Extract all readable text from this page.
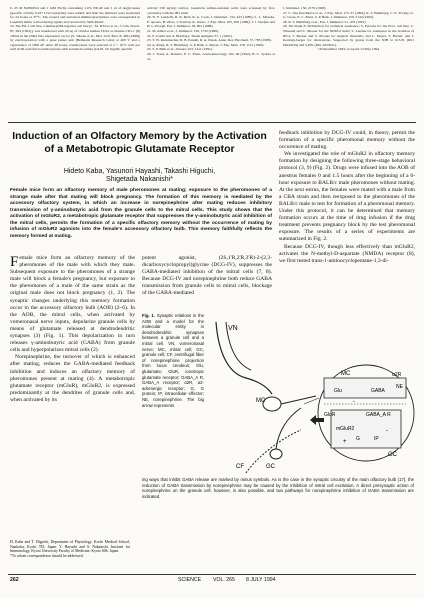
9. 25 M NaH2PO4 and 1 mM EGTA containing 1.0% NP-40 and 1 ul of deglycanase (specific activity 0.227 U/ul Genzyme) were added, and then the mixtures were incubated for 24 hours at 37°C. The treated and untreated immunoprecipitates were resuspended in Laemmli buffer with reducing agents and resolved by SDS-PAGE.

19. The FO-1 cell line, a human β2M-negative cell line [C. M. D'Urso et al., J. Clin. Invest. 87, 284 (1991)], was transfected with 20 ug of circular human CD1d or murine CD1.1 (8) cDNA in the pSRα Neo expression vector [Y. Takebe et al., Mol. Cell. Biol. 8, 466 (1988)] by electroporation with a gene pulser unit (Bethesda Research Labs) at 400 V and a capacitance of 1600 uF. After 48 hours, transfectants were selected at 2 × 10^5 cells per well in 96-well flat-bottomed plates with Geneticin sulfate (G418, 3.0 mg/ml; specific

activity 530 ug/mg; Gibco). Geneticin sulfate-resistant wells were screened by flow cytometry with the IH1 mAb.

20. N. F. Landolfi, R. R. Rich, R. G. Cook, J. Immunol. 134, 423 (1985); L. L. Myszka, E. Apasia, H. Zhao, J. Forman, K. Ozato, J. Exp. Med. 163, 656 (1986); J. J. Neefjes and H. L. Ploegh, Eur. J. Immunol. 18, 801 (1988).

21. M. Amiot et al., J. Immunol. 136, 1752 (1986).

22. F. Calabi and A. Bradbury, Tissue Antigens 37, 1 (1991).

23. T. W. Redemacher, R. B. Parekh, R. A. Dwek, Annu. Rev. Biochem. 57, 785 (1988).

24. A. Panja, R. S. Blumberg, S. P. Balk, L. Mayer, J. Exp. Med. 178, 1115 (1993).

25. S. P. Balk et al., Science 253, 1411 (1991).

26. J. Tours, A. Roberts, E. C. Ebert, Gastroenterology 162, 69 (1992); B. C. Sydora et al.,

J. Immunol. 150, 2179 (1993).

27. C. Van Kerckhove et al., J. Exp. Med. 175, 57 (1992); R. S. Blumberg, C. E. Yockey, G. G. Gross, E. C. Ebert, S. P. Balk, J. Immunol. 150, 5144 (1993).

28. R. S. Blumberg et al., Eur. J. Immunol. 21, 479 (1991).

29. We thank F. McDermott for technical assistance; S. Ferrone for the FO-1 cell line; C. Wiseand and C. Mosser for the ND65.2 mAb; S. Landau for assistance in the isolation of IECs; J. Becker and S. Brooks for surgical materials; and L. Mayer, T. Barrett, and J. Konings-berger for discussions. Supported by grants from the NIH to R.S.B. (R01 DK44319) and S.P.B. (R01 AI33911).

16 December 1993; accepted 13 May 1994

Induction of an Olfactory Memory by the Activation of a Metabotropic Glutamate Receptor
Hideto Kaba, Yasunori Hayashi, Takashi Higuchi,
Shigetada Nakanishi*
Female mice form an olfactory memory of male pheromones at mating; exposure to the pheromones of a strange male after that mating will block pregnancy. The formation of this memory is mediated by the accessory olfactory system, in which an increase in norepinephrine after mating reduces inhibitory transmission of γ-aminobutyric acid from the granule cells to the mitral cells. This study shows that the activation of mGluR2, a metabotropic glutamate receptor that suppresses the γ-aminobutyric acid inhibition of the mitral cells, permits the formation of a specific olfactory memory without the occurrence of mating by infusion of mGluR2 agonists into the female's accessory olfactory bulb. This memory faithfully reflects the memory formed at mating.

Female mice form an olfactory memory of the pheromones of the male with which they mate. Subsequent exposure to the pheromones of a strange male will block a female's pregnancy, but exposure to the pheromones of a male of the same strain as the original male does not block pregnancy (1, 2). The synaptic changes underlying this memory formation occur in the accessory olfactory bulb (AOB) (2–6). In the AOB, the mitral cells, when activated by vomeronasal nerve inputs, depolarize granule cells by means of glutamate released at dendrodendritic synapses (3) (Fig. 1). This depolarization in turn releases γ-aminobutyric acid (GABA) from granule cells and hyperpolarizes mitral cells (2).

Norepinephrine, the turnover of which is enhanced after mating, reduces the GABA-mediated feedback inhibition and induces an olfactory memory of pheromones present at mating (4). A metabotropic glutamate receptor (mGluR), mGluR2, is expressed predominantly at the dendrites of granule cells and, when activated by its

potent agonist, (2S,1'R,2'R,3'R)-2-(2,3-dicarboxycyclopropyl)glycine (DCG-IV), suppresses the GABA-mediated inhibition of the mitral cells (7, 8). Because DCG-IV and norepinephrine both reduce GABA transmission from granule cells to mitral cells, blockage of the GABA-mediated

feedback inhibition by DCG-IV could, in theory, permit the formation of a specific pheromonal memory without the occurrence of mating.

We investigated the role of mGluR2 in olfactory memory formation by designing the following three-stage behavioral protocol (3, 9) (Fig. 2). Drugs were infused into the AOB of anestrus females 0 and 1.5 hours after the beginning of a 6-hour exposure to BALB/c male pheromones without mating. At the next estrus, the females were mated with a male from a CBA strain and then reexposed to the pheromones of the BALB/c male to test for formation of a pheromonal memory. Under this protocol, it can be determined that memory formation occurs at the time of drug infusion if the drug treatment prevents pregnancy block by the test pheromonal exposure. The results of a series of experiments are summarized in Fig. 2.

Because DCG-IV, though less effectively than mGluR2, activates the N-methyl-D-aspartate (NMDA) receptor (8), we first tested trans-1-aminocyclopentane-1,3-di-

Fig. 1. Synaptic relations in the AOB and a model for the molecular entity in dendrodendritic synapses between a granule cell and a mitral cell. VN, vomeronasal nerve; MC, mitral cell; GC, granule cell; CF, centrifugal fiber of norepinephrine projection from locus ceruleus; Glu, glutamate; GluR, ionotropic glutamate receptor; GABA_A R, GABA_A receptor; α2R, α2-adrenergic receptor; G, G protein; IP, intracellular effector; NE, norepinephrine. The big arrow represents
ing ways that inhibit GABA release are marked by minus symbols. As is the case in the synaptic circuitry of the main olfactory bulb (17), the reduction of GABA transmission by norepinephrine may be caused by the inhibition of mitral cell excitation. A direct presynaptic action of norepinephrine on the granule cell, however, is also possible, and two pathways for norepinephrine inhibition of GABA transmission are indicated.
VN
MC
GC
CF
MC
Glu	GABA
α2R
NE
GluR
mGluR2
GABA_A R
G	IP
GC
-
-
+
H. Kaba and T. Higuchi, Department of Physiology, Kochi Medical School, Nankoku, Kochi 783, Japan. Y. Hayashi and S. Nakanishi, Institute for Immunology, Kyoto University Faculty of Medicine, Kyoto 606, Japan.
*To whom correspondence should be addressed.
262	SCIENCE VOL. 265 8 JULY 1994
